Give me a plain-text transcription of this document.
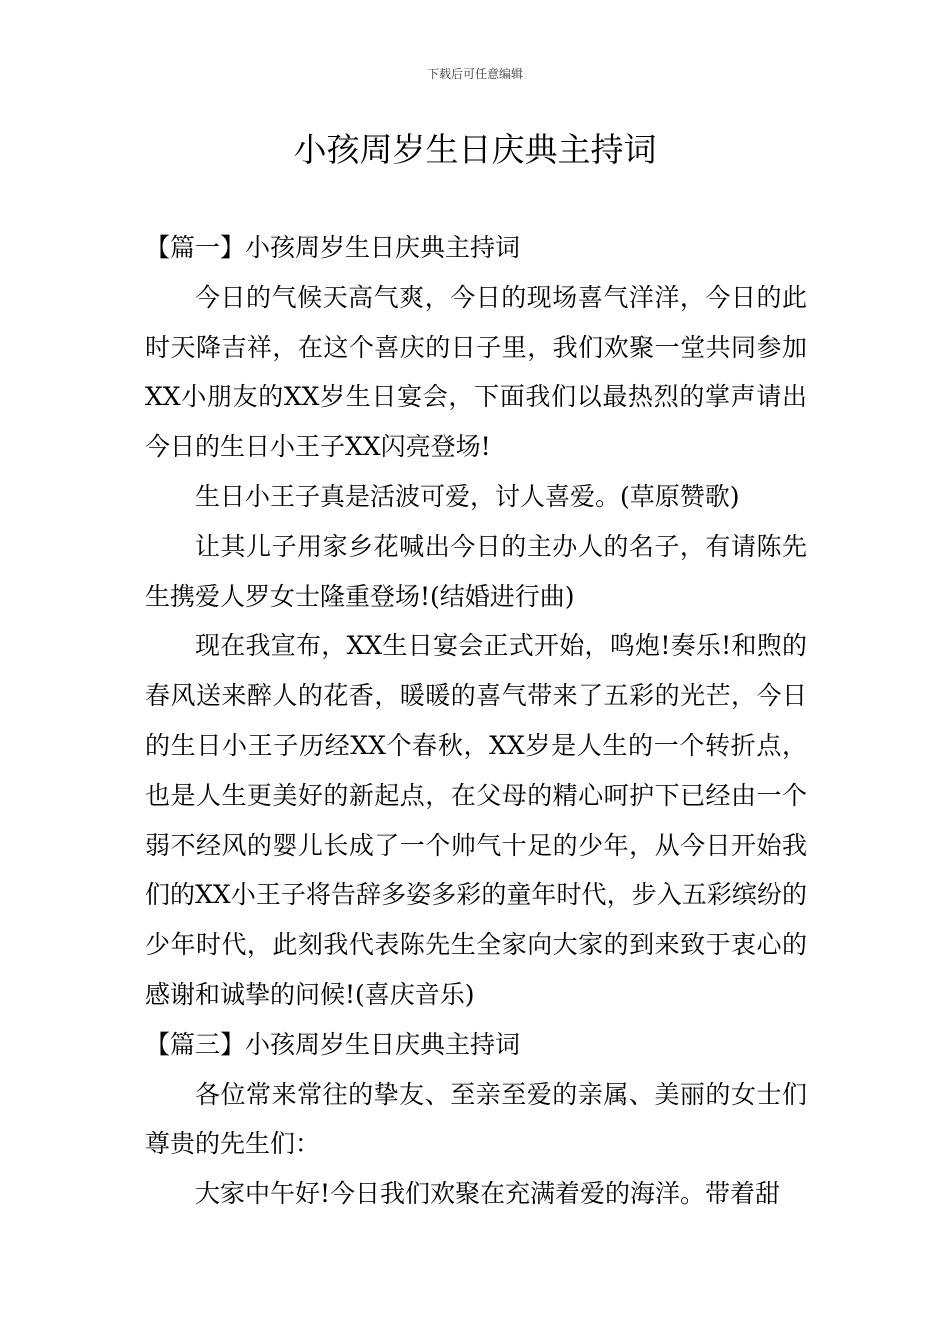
下载后可任意编辑
小孩周岁生日庆典主持词

【篇一】小孩周岁生日庆典主持词

今日的气候天高气爽，今日的现场喜气洋洋，今日的此时天降吉祥，在这个喜庆的日子里，我们欢聚一堂共同参加XX小朋友的XX岁生日宴会，下面我们以最热烈的掌声请出今日的生日小王子XX闪亮登场!

生日小王子真是活波可爱，讨人喜爱。(草原赞歌)

让其儿子用家乡花喊出今日的主办人的名子，有请陈先生携爱人罗女士隆重登场!(结婚进行曲)

现在我宣布，XX生日宴会正式开始，鸣炮!奏乐!和煦的春风送来醉人的花香，暖暖的喜气带来了五彩的光芒，今日的生日小王子历经XX个春秋，XX岁是人生的一个转折点，也是人生更美好的新起点，在父母的精心呵护下已经由一个弱不经风的婴儿长成了一个帅气十足的少年，从今日开始我们的XX小王子将告辞多姿多彩的童年时代，步入五彩缤纷的少年时代，此刻我代表陈先生全家向大家的到来致于衷心的感谢和诚挚的问候!(喜庆音乐)

【篇三】小孩周岁生日庆典主持词

各位常来常往的挚友、至亲至爱的亲属、美丽的女士们尊贵的先生们：

大家中午好!今日我们欢聚在充满着爱的海洋。带着甜
